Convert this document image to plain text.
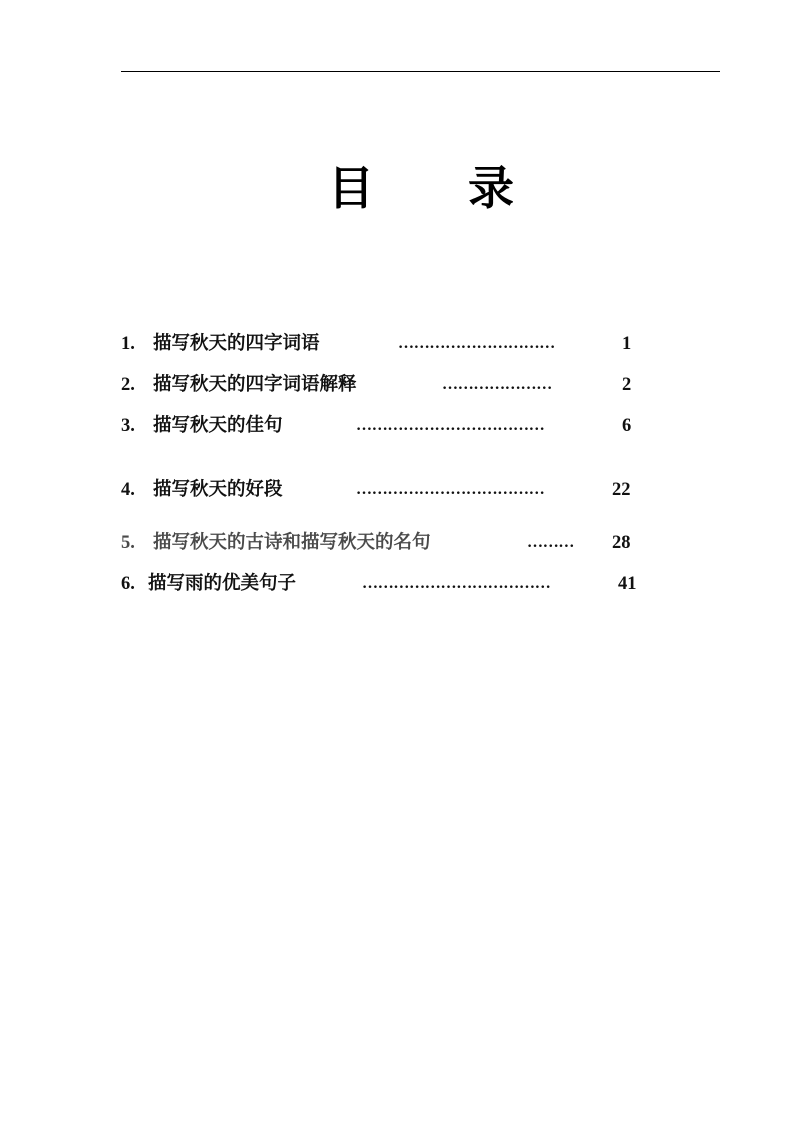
目 录
1. 描写秋天的四字词语	…………………………	1
2. 描写秋天的四字词语解释	…………………	2
3. 描写秋天的佳句	………………………………	6
4. 描写秋天的好段	………………………………	22
5. 描写秋天的古诗和描写秋天的名句	……… 28
6. 描写雨的优美句子	………………………………	41
